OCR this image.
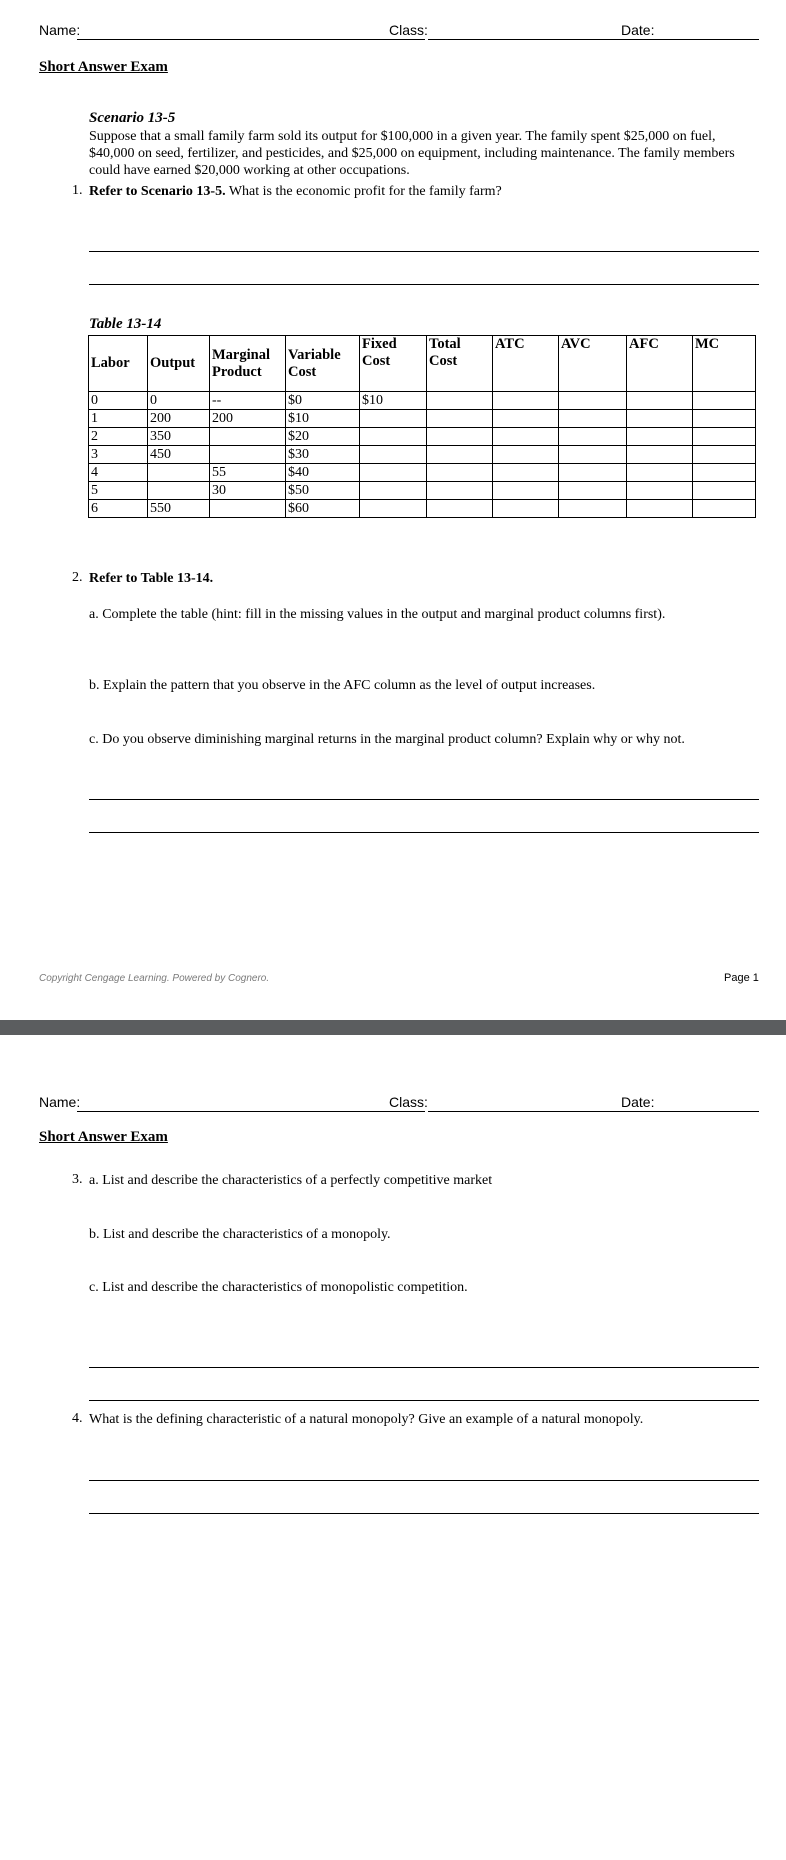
Name:	Class:	Date:
Short Answer Exam
Scenario 13-5
Suppose that a small family farm sold its output for $100,000 in a given year. The family spent $25,000 on fuel, $40,000 on seed, fertilizer, and pesticides, and $25,000 on equipment, including maintenance. The family members could have earned $20,000 working at other occupations.
1. Refer to Scenario 13-5. What is the economic profit for the family farm?
Table 13-14
Labor	Output	Marginal Product	Variable Cost	Fixed Cost	Total Cost	ATC	AVC	AFC	MC
0	0	--	$0	$10					
1	200	200	$10						
2	350		$20						
3	450		$30						
4		55	$40						
5		30	$50						
6	550		$60						
2. Refer to Table 13-14.
a. Complete the table (hint: fill in the missing values in the output and marginal product columns first).
b. Explain the pattern that you observe in the AFC column as the level of output increases.
c. Do you observe diminishing marginal returns in the marginal product column? Explain why or why not.
Copyright Cengage Learning. Powered by Cognero.	Page 1
Name:	Class:	Date:
Short Answer Exam
3. a. List and describe the characteristics of a perfectly competitive market
b. List and describe the characteristics of a monopoly.
c. List and describe the characteristics of monopolistic competition.
4. What is the defining characteristic of a natural monopoly? Give an example of a natural monopoly.
